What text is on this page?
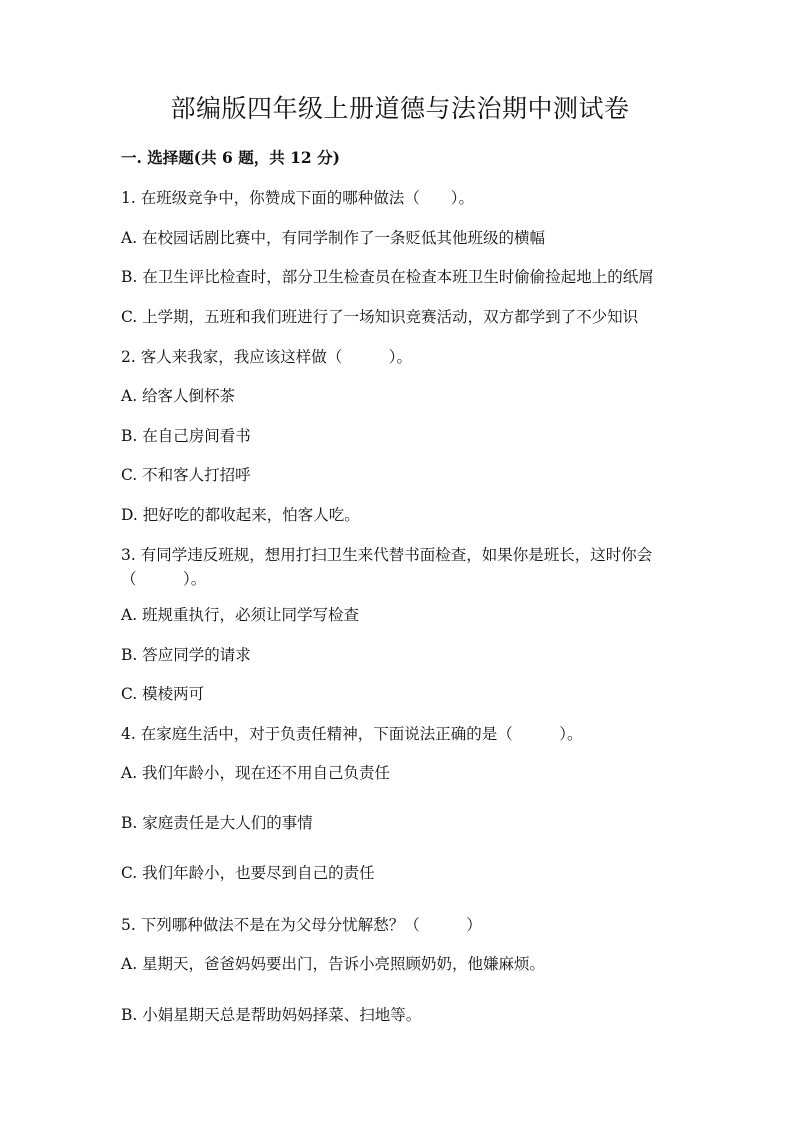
部编版四年级上册道德与法治期中测试卷
一. 选择题(共 6 题，共 12 分)
1. 在班级竞争中，你赞成下面的哪种做法（　　）。
A. 在校园话剧比赛中，有同学制作了一条贬低其他班级的横幅
B. 在卫生评比检查时，部分卫生检查员在检查本班卫生时偷偷捡起地上的纸屑
C. 上学期，五班和我们班进行了一场知识竞赛活动，双方都学到了不少知识
2. 客人来我家，我应该这样做（　　　）。
A. 给客人倒杯茶
B. 在自己房间看书
C. 不和客人打招呼
D. 把好吃的都收起来，怕客人吃。
3. 有同学违反班规，想用打扫卫生来代替书面检查，如果你是班长，这时你会（　　　）。
A. 班规重执行，必须让同学写检查
B. 答应同学的请求
C. 模棱两可
4. 在家庭生活中，对于负责任精神，下面说法正确的是（　　　）。
A. 我们年龄小，现在还不用自己负责任
B. 家庭责任是大人们的事情
C. 我们年龄小，也要尽到自己的责任
5. 下列哪种做法不是在为父母分忧解愁？（　　　）
A. 星期天，爸爸妈妈要出门，告诉小亮照顾奶奶，他嫌麻烦。
B. 小娟星期天总是帮助妈妈择菜、扫地等。
